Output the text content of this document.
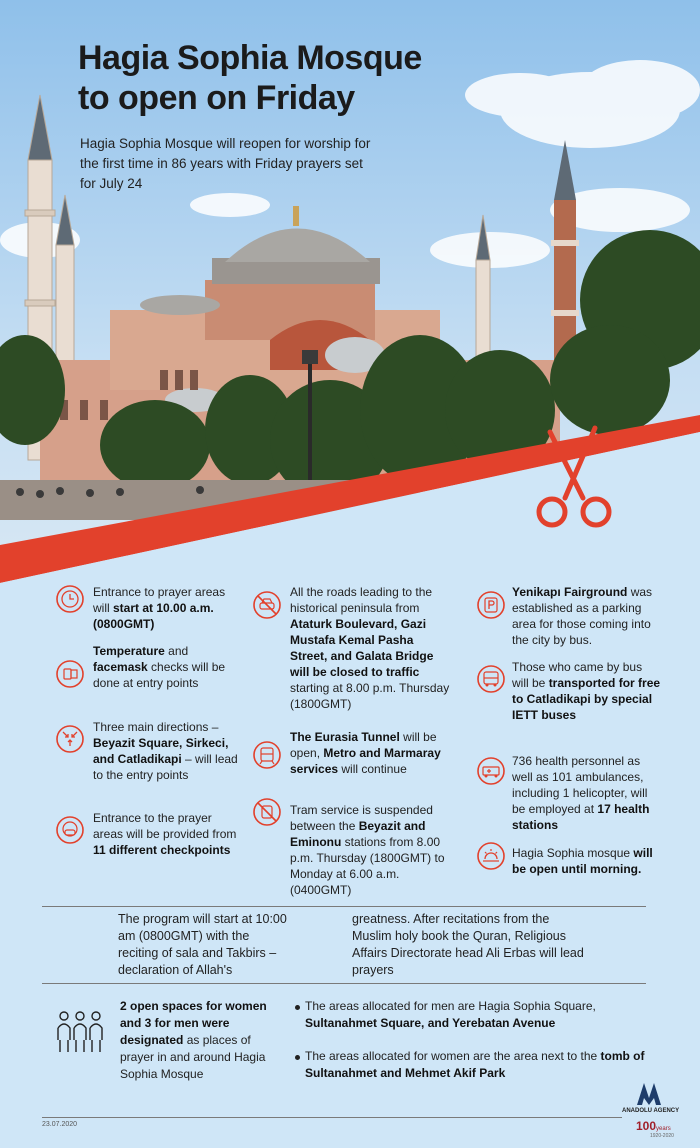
Hagia Sophia Mosque
to open on Friday

Hagia Sophia Mosque will reopen for worship for the first time in 86 years with Friday prayers set for July 24

Entrance to prayer areas will start at 10.00 a.m. (0800GMT)
Temperature and facemask checks will be done at entry points
Three main directions – Beyazit Square, Sirkeci, and Catladikapi – will lead to the entry points
Entrance to the prayer areas will be provided from 11 different checkpoints
All the roads leading to the historical peninsula from Ataturk Boulevard, Gazi Mustafa Kemal Pasha Street, and Galata Bridge will be closed to traffic starting at 8.00 p.m. Thursday (1800GMT)
The Eurasia Tunnel will be open, Metro and Marmaray services will continue
Tram service is suspended between the Beyazit and Eminonu stations from 8.00 p.m. Thursday (1800GMT) to Monday at 6.00 a.m. (0400GMT)
Yenikapı Fairground was established as a parking area for those coming into the city by bus.
Those who came by bus will be transported for free to Catladikapi by special IETT buses
736 health personnel as well as 101 ambulances, including 1 helicopter, will be employed at 17 health stations
Hagia Sophia mosque will be open until morning.
The program will start at 10:00 am (0800GMT) with the reciting of sala and Takbirs – declaration of Allah's
greatness. After recitations from the Muslim holy book the Quran, Religious Affairs Directorate head Ali Erbas will lead prayers
2 open spaces for women and 3 for men were designated as places of prayer in and around Hagia Sophia Mosque
The areas allocated for men are Hagia Sophia Square, Sultanahmet Square, and Yerebatan Avenue
The areas allocated for women are the area next to the tomb of Sultanahmet and Mehmet Akif Park
23.07.2020
ANADOLU AGENCY
100years
1920-2020
